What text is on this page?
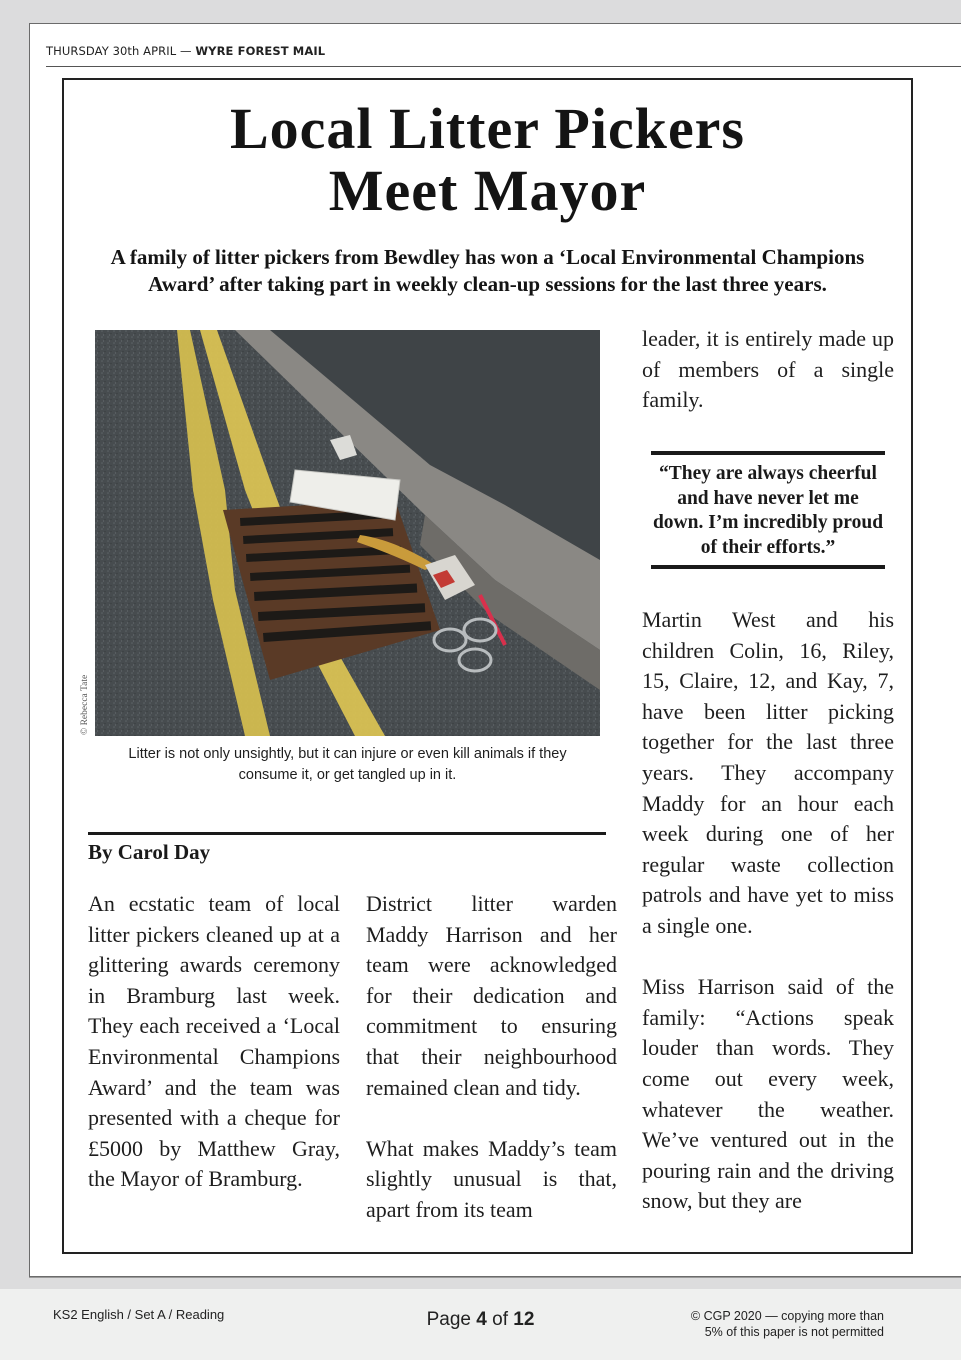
THURSDAY 30th APRIL — WYRE FOREST MAIL
Local Litter Pickers
Meet Mayor
A family of litter pickers from Bewdley has won a ‘Local Environmental Champions Award’ after taking part in weekly clean-up sessions for the last three years.
© Rebecca Tate
Litter is not only unsightly, but it can injure or even kill animals if they consume it, or get tangled up in it.
By Carol Day

An ecstatic team of local litter pickers cleaned up at a glittering awards ceremony in Bramburg last week. They each received a ‘Local Environmental Champions Award’ and the team was presented with a cheque for £5000 by Matthew Gray, the Mayor of Bramburg.

District litter warden Maddy Harrison and her team were acknowledged for their dedication and commitment to ensuring that their neighbourhood remained clean and tidy.

What makes Maddy’s team slightly unusual is that, apart from its team

leader, it is entirely made up of members of a single family.

“They are always cheerful and have never let me down. I’m incredibly proud of their efforts.”

Martin West and his children Colin, 16, Riley, 15, Claire, 12, and Kay, 7, have been litter picking together for the last three years. They accompany Maddy for an hour each week during one of her regular waste collection patrols and have yet to miss a single one.

Miss Harrison said of the family: “Actions speak louder than words. They come out every week, whatever the weather. We’ve ventured out in the pouring rain and the driving snow, but they are

KS2 English / Set A / Reading	Page 4 of 12	© CGP 2020 — copying more than
5% of this paper is not permitted
